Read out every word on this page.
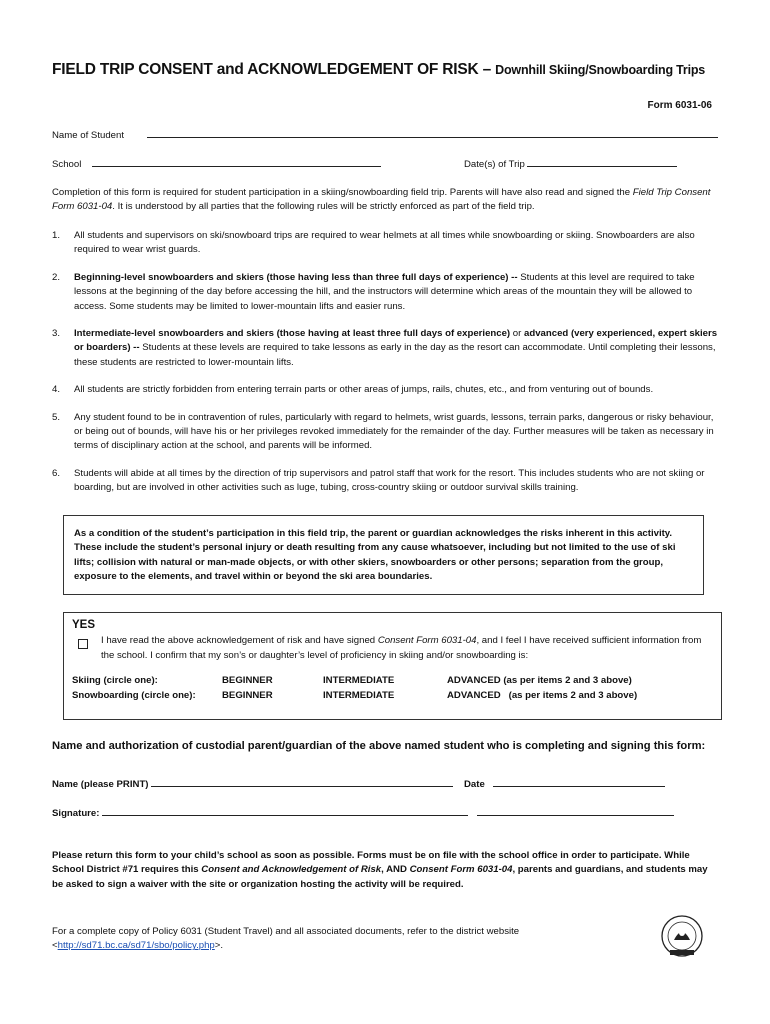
FIELD TRIP CONSENT and ACKNOWLEDGEMENT OF RISK – Downhill Skiing/Snowboarding Trips
Form 6031-06
Name of Student
School	Date(s) of Trip
Completion of this form is required for student participation in a skiing/snowboarding field trip. Parents will have also read and signed the Field Trip Consent Form 6031-04. It is understood by all parties that the following rules will be strictly enforced as part of the field trip.
1. All students and supervisors on ski/snowboard trips are required to wear helmets at all times while snowboarding or skiing. Snowboarders are also required to wear wrist guards.
2. Beginning-level snowboarders and skiers (those having less than three full days of experience) -- Students at this level are required to take lessons at the beginning of the day before accessing the hill, and the instructors will determine which areas of the mountain they will be allowed to access. Some students may be limited to lower-mountain lifts and easier runs.
3. Intermediate-level snowboarders and skiers (those having at least three full days of experience) or advanced (very experienced, expert skiers or boarders) -- Students at these levels are required to take lessons as early in the day as the resort can accommodate. Until completing their lessons, these students are restricted to lower-mountain lifts.
4. All students are strictly forbidden from entering terrain parts or other areas of jumps, rails, chutes, etc., and from venturing out of bounds.
5. Any student found to be in contravention of rules, particularly with regard to helmets, wrist guards, lessons, terrain parks, dangerous or risky behaviour, or being out of bounds, will have his or her privileges revoked immediately for the remainder of the day. Further measures will be taken as necessary in terms of disciplinary action at the school, and parents will be informed.
6. Students will abide at all times by the direction of trip supervisors and patrol staff that work for the resort. This includes students who are not skiing or boarding, but are involved in other activities such as luge, tubing, cross-country skiing or outdoor survival skills training.
As a condition of the student’s participation in this field trip, the parent or guardian acknowledges the risks inherent in this activity. These include the student’s personal injury or death resulting from any cause whatsoever, including but not limited to the use of ski lifts; collision with natural or man-made objects, or with other skiers, snowboarders or other persons; separation from the group, exposure to the elements, and travel within or beyond the ski area boundaries.
YES
I have read the above acknowledgement of risk and have signed Consent Form 6031-04, and I feel I have received sufficient information from the school. I confirm that my son’s or daughter’s level of proficiency in skiing and/or snowboarding is:
Skiing (circle one):	BEGINNER	INTERMEDIATE	ADVANCED (as per items 2 and 3 above)
Snowboarding (circle one):	BEGINNER	INTERMEDIATE	ADVANCED   (as per items 2 and 3 above)
Name and authorization of custodial parent/guardian of the above named student who is completing and signing this form:
Name (please PRINT)	Date
Signature:
Please return this form to your child’s school as soon as possible. Forms must be on file with the school office in order to participate. While School District #71 requires this Consent and Acknowledgement of Risk, AND Consent Form 6031-04, parents and guardians, and students may be asked to sign a waiver with the site or organization hosting the activity will be required.
For a complete copy of Policy 6031 (Student Travel) and all associated documents, refer to the district website
<http://sd71.bc.ca/sd71/sbo/policy.php>.
